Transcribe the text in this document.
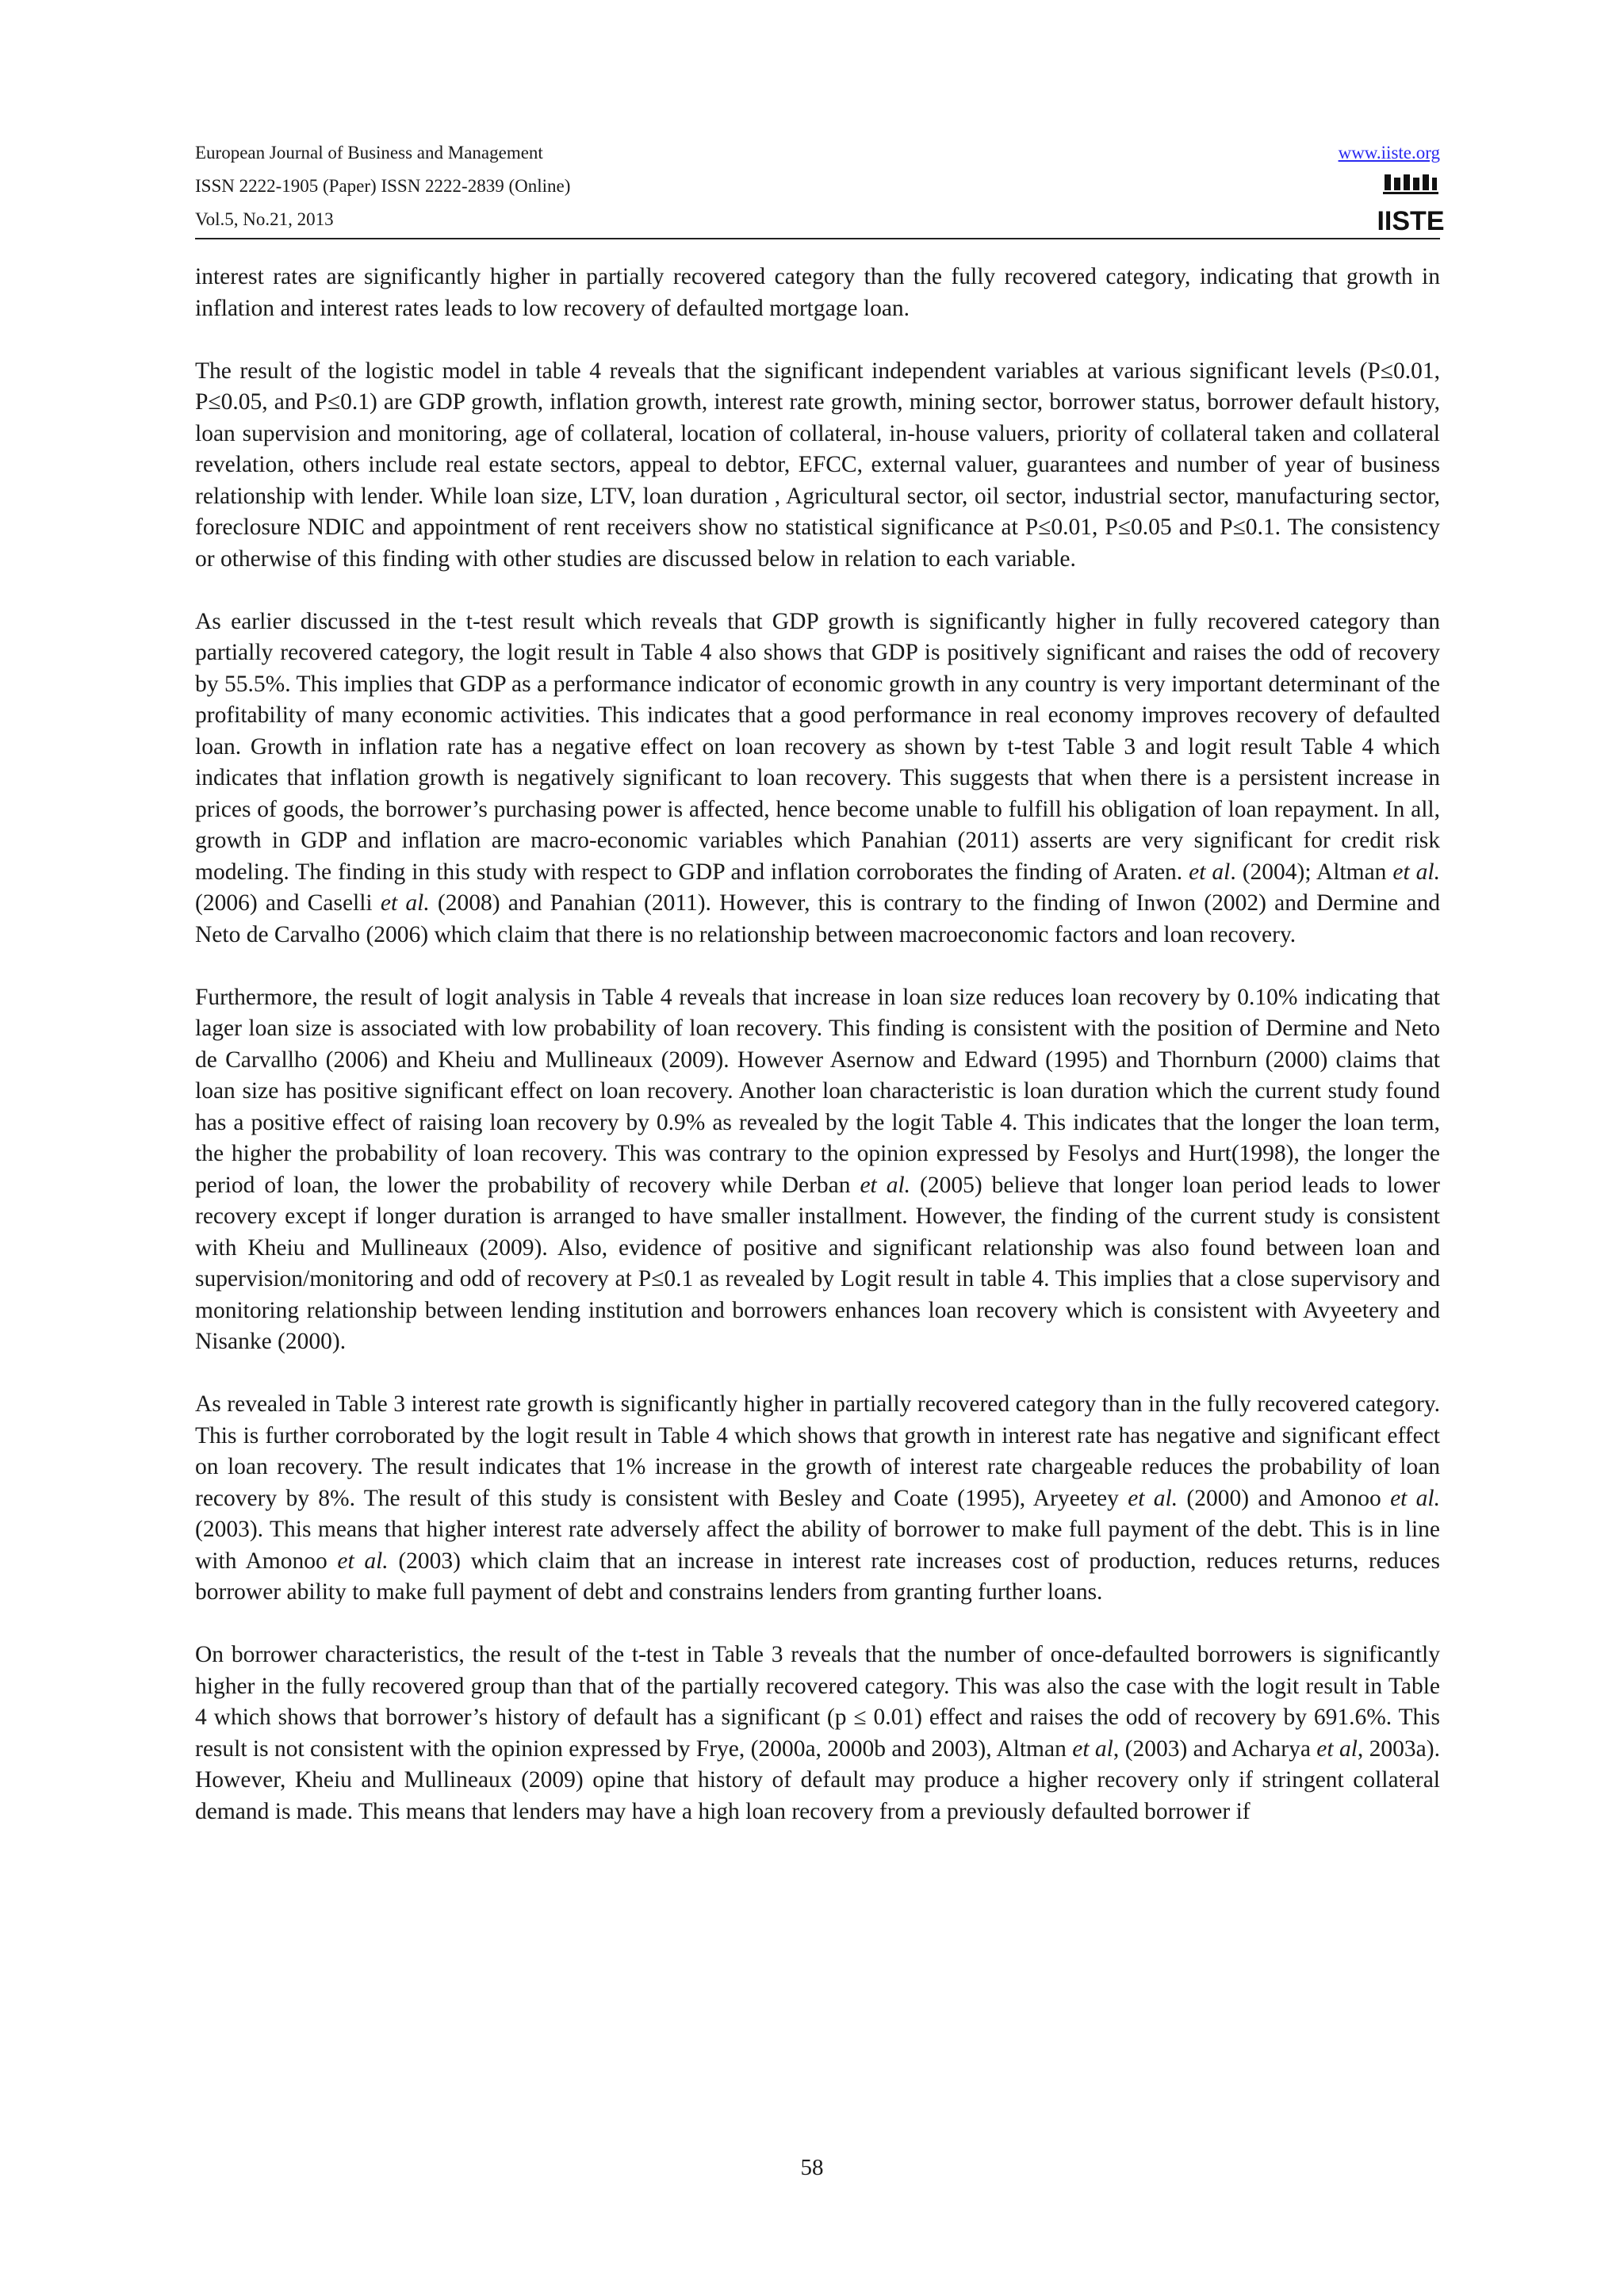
European Journal of Business and Management
ISSN 2222-1905 (Paper) ISSN 2222-2839 (Online)
Vol.5, No.21, 2013
www.iiste.org
IISTE

interest rates are significantly higher in partially recovered category than the fully recovered category, indicating that growth in inflation and interest rates leads to low recovery of defaulted mortgage loan.

The result of the logistic model in table 4 reveals that the significant independent variables at various significant levels (P≤0.01, P≤0.05, and P≤0.1) are GDP growth, inflation growth, interest rate growth, mining sector, borrower status, borrower default history, loan supervision and monitoring, age of collateral, location of collateral, in-house valuers, priority of collateral taken and collateral revelation, others include real estate sectors, appeal to debtor, EFCC, external valuer, guarantees and number of year of business relationship with lender. While loan size, LTV, loan duration , Agricultural sector, oil sector, industrial sector, manufacturing sector, foreclosure NDIC and appointment of rent receivers show no statistical significance at P≤0.01, P≤0.05 and P≤0.1. The consistency or otherwise of this finding with other studies are discussed below in relation to each variable.

As earlier discussed in the t-test result which reveals that GDP growth is significantly higher in fully recovered category than partially recovered category, the logit result in Table 4 also shows that GDP is positively significant and raises the odd of recovery by 55.5%. This implies that GDP as a performance indicator of economic growth in any country is very important determinant of the profitability of many economic activities. This indicates that a good performance in real economy improves recovery of defaulted loan. Growth in inflation rate has a negative effect on loan recovery as shown by t-test Table 3 and logit result Table 4 which indicates that inflation growth is negatively significant to loan recovery. This suggests that when there is a persistent increase in prices of goods, the borrower’s purchasing power is affected, hence become unable to fulfill his obligation of loan repayment. In all, growth in GDP and inflation are macro-economic variables which Panahian (2011) asserts are very significant for credit risk modeling. The finding in this study with respect to GDP and inflation corroborates the finding of Araten. et al. (2004); Altman et al. (2006) and Caselli et al. (2008) and Panahian (2011). However, this is contrary to the finding of Inwon (2002) and Dermine and Neto de Carvalho (2006) which claim that there is no relationship between macroeconomic factors and loan recovery.

Furthermore, the result of logit analysis in Table 4 reveals that increase in loan size reduces loan recovery by 0.10% indicating that lager loan size is associated with low probability of loan recovery. This finding is consistent with the position of Dermine and Neto de Carvallho (2006) and Kheiu and Mullineaux (2009). However Asernow and Edward (1995) and Thornburn (2000) claims that loan size has positive significant effect on loan recovery. Another loan characteristic is loan duration which the current study found has a positive effect of raising loan recovery by 0.9% as revealed by the logit Table 4. This indicates that the longer the loan term, the higher the probability of loan recovery. This was contrary to the opinion expressed by Fesolys and Hurt(1998), the longer the period of loan, the lower the probability of recovery while Derban et al. (2005) believe that longer loan period leads to lower recovery except if longer duration is arranged to have smaller installment. However, the finding of the current study is consistent with Kheiu and Mullineaux (2009). Also, evidence of positive and significant relationship was also found between loan and supervision/monitoring and odd of recovery at P≤0.1 as revealed by Logit result in table 4. This implies that a close supervisory and monitoring relationship between lending institution and borrowers enhances loan recovery which is consistent with Avyeetery and Nisanke (2000).

As revealed in Table 3 interest rate growth is significantly higher in partially recovered category than in the fully recovered category. This is further corroborated by the logit result in Table 4 which shows that growth in interest rate has negative and significant effect on loan recovery. The result indicates that 1% increase in the growth of interest rate chargeable reduces the probability of loan recovery by 8%. The result of this study is consistent with Besley and Coate (1995), Aryeetey et al. (2000) and Amonoo et al. (2003). This means that higher interest rate adversely affect the ability of borrower to make full payment of the debt. This is in line with Amonoo et al. (2003) which claim that an increase in interest rate increases cost of production, reduces returns, reduces borrower ability to make full payment of debt and constrains lenders from granting further loans.

On borrower characteristics, the result of the t-test in Table 3 reveals that the number of once-defaulted borrowers is significantly higher in the fully recovered group than that of the partially recovered category. This was also the case with the logit result in Table 4 which shows that borrower’s history of default has a significant (p ≤ 0.01) effect and raises the odd of recovery by 691.6%. This result is not consistent with the opinion expressed by Frye, (2000a, 2000b and 2003), Altman et al, (2003) and Acharya et al, 2003a). However, Kheiu and Mullineaux (2009) opine that history of default may produce a higher recovery only if stringent collateral demand is made. This means that lenders may have a high loan recovery from a previously defaulted borrower if

58
